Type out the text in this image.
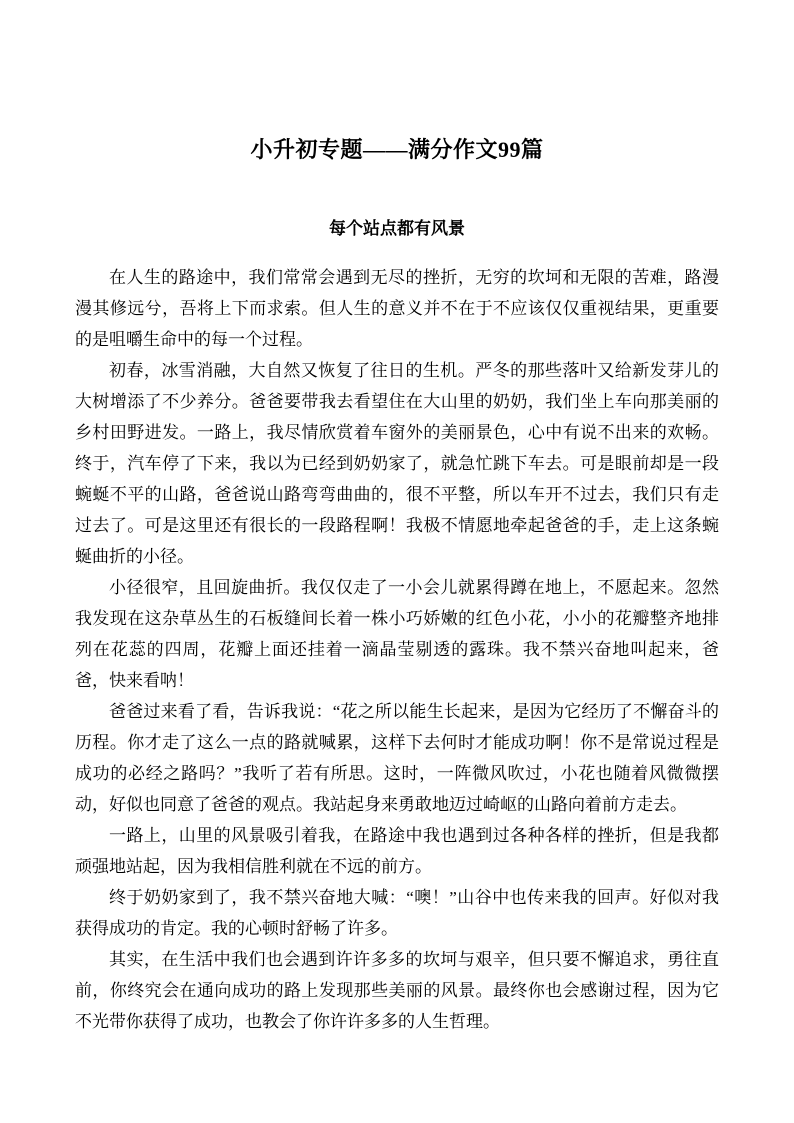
小升初专题——满分作文99篇
每个站点都有风景

在人生的路途中，我们常常会遇到无尽的挫折，无穷的坎坷和无限的苦难，路漫漫其修远兮，吾将上下而求索。但人生的意义并不在于不应该仅仅重视结果，更重要的是咀嚼生命中的每一个过程。

初春，冰雪消融，大自然又恢复了往日的生机。严冬的那些落叶又给新发芽儿的大树增添了不少养分。爸爸要带我去看望住在大山里的奶奶，我们坐上车向那美丽的乡村田野进发。一路上，我尽情欣赏着车窗外的美丽景色，心中有说不出来的欢畅。终于，汽车停了下来，我以为已经到奶奶家了，就急忙跳下车去。可是眼前却是一段蜿蜒不平的山路，爸爸说山路弯弯曲曲的，很不平整，所以车开不过去，我们只有走过去了。可是这里还有很长的一段路程啊！我极不情愿地牵起爸爸的手，走上这条蜿蜒曲折的小径。

小径很窄，且回旋曲折。我仅仅走了一小会儿就累得蹲在地上，不愿起来。忽然我发现在这杂草丛生的石板缝间长着一株小巧娇嫩的红色小花，小小的花瓣整齐地排列在花蕊的四周，花瓣上面还挂着一滴晶莹剔透的露珠。我不禁兴奋地叫起来，爸爸，快来看呐！

爸爸过来看了看，告诉我说：“花之所以能生长起来，是因为它经历了不懈奋斗的历程。你才走了这么一点的路就喊累，这样下去何时才能成功啊！你不是常说过程是成功的必经之路吗？”我听了若有所思。这时，一阵微风吹过，小花也随着风微微摆动，好似也同意了爸爸的观点。我站起身来勇敢地迈过崎岖的山路向着前方走去。

一路上，山里的风景吸引着我，在路途中我也遇到过各种各样的挫折，但是我都顽强地站起，因为我相信胜利就在不远的前方。

终于奶奶家到了，我不禁兴奋地大喊：“噢！”山谷中也传来我的回声。好似对我获得成功的肯定。我的心顿时舒畅了许多。

其实，在生活中我们也会遇到许许多多的坎坷与艰辛，但只要不懈追求，勇往直前，你终究会在通向成功的路上发现那些美丽的风景。最终你也会感谢过程，因为它不光带你获得了成功，也教会了你许许多多的人生哲理。
